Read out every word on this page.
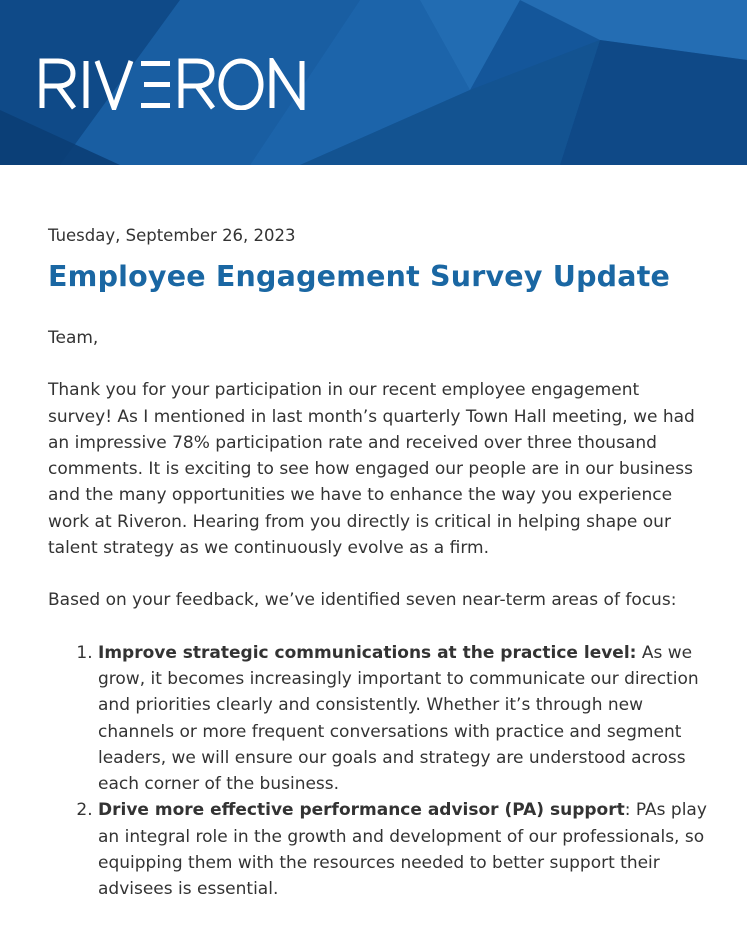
Tuesday, September 26, 2023

Employee Engagement Survey Update

Team,

Thank you for your participation in our recent employee engagement survey! As I mentioned in last month’s quarterly Town Hall meeting, we had an impressive 78% participation rate and received over three thousand comments. It is exciting to see how engaged our people are in our business and the many opportunities we have to enhance the way you experience work at Riveron. Hearing from you directly is critical in helping shape our talent strategy as we continuously evolve as a firm.

Based on your feedback, we’ve identified seven near-term areas of focus:

1. Improve strategic communications at the practice level: As we grow, it becomes increasingly important to communicate our direction and priorities clearly and consistently. Whether it’s through new channels or more frequent conversations with practice and segment leaders, we will ensure our goals and strategy are understood across each corner of the business.
2. Drive more effective performance advisor (PA) support: PAs play an integral role in the growth and development of our professionals, so equipping them with the resources needed to better support their advisees is essential.
